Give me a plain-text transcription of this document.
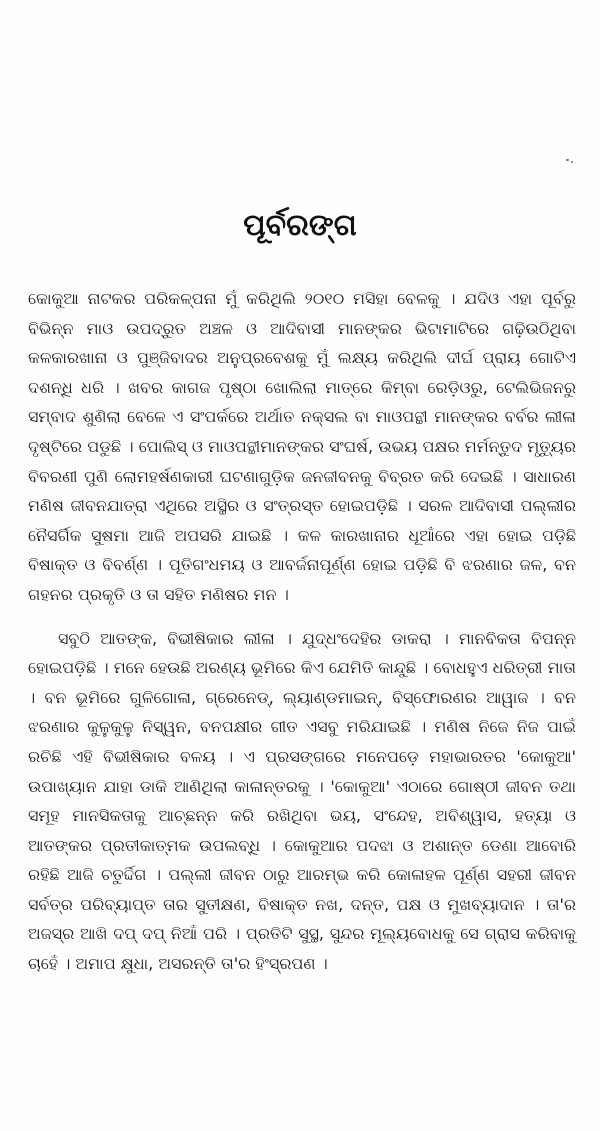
ପୂର୍ବରଙ୍ଗ

କୋକୁଆ ନାଟକର ପରିକଳ୍ପନା ମୁଁ କରିଥିଲି ୨୦୧୦ ମସିହା ବେଳକୁ । ଯଦିଓ ଏହା ପୂର୍ବରୁ ବିଭିନ୍ନ ମାଓ ଉପଦ୍ରୁତ ଅଞ୍ଚଳ ଓ ଆଦିବାସୀ ମାନଙ୍କର ଭିଟାମାଟିରେ ଗଢ଼ିଉଠିଥିବା କଳକାରଖାନା ଓ ପୁଞ୍ଜିବାଦର ଅନୁପ୍ରବେଶକୁ ମୁଁ ଲକ୍ଷ୍ୟ କରିଥିଲି ଦୀର୍ଘ ପ୍ରାୟ ଗୋଟିଏ ଦଶନ୍ଧି ଧରି । ଖବର କାଗଜ ପୃଷ୍ଠା ଖୋଲିଲା ମାତ୍ରେ କିମ୍ବା ରେଡ଼ିଓରୁ, ଟେଲିଭିଜନରୁ ସମ୍ବାଦ ଶୁଣିଲା ବେଳେ ଏ ସଂପର୍କରେ ଅର୍ଥାତ ନକ୍ସଲ ବା ମାଓପନ୍ଥୀ ମାନଙ୍କର ବର୍ବର ଲୀଳା ଦୃଷ୍ଟିରେ ପଡୁଛି । ପୋଲିସ୍ ଓ ମାଓପନ୍ଥୀମାନଙ୍କର ସଂଘର୍ଷ, ଉଭୟ ପକ୍ଷର ମର୍ମନ୍ତୁଦ ମୃତ୍ୟୁର ବିବରଣୀ ପୁଣି ଲୋମହର୍ଷଣକାରୀ ଘଟଣାଗୁଡ଼ିକ ଜନଜୀବନକୁ ବିବ୍ରତ କରି ଦେଇଛି । ସାଧାରଣ ମଣିଷ ଜୀବନଯାତ୍ରା ଏଥିରେ ଅସ୍ଥିର ଓ ସଂତ୍ରସ୍ତ ହୋଇପଡ଼ିଛି । ସରଳ ଆଦିବାସୀ ପଲ୍ଲୀର ନୈସର୍ଗିକ ସୁଷମା ଆଜି ଅପସରି ଯାଇଛି । କଳ କାରଖାନାର ଧୂଆଁରେ ଏହା ହୋଇ ପଡ଼ିଛି ବିଷାକ୍ତ ଓ ବିବର୍ଣ୍ଣ । ପୂତିଗଂଧମୟ ଓ ଆବର୍ଜନାପୂର୍ଣ୍ଣ ହୋଇ ପଡ଼ିଛି ବି ଝରଣାର ଜଳ, ବନ ଗହନର ପ୍ରକୃତି ଓ ତା ସହିତ ମଣିଷର ମନ ।

ସବୁଠି ଆତଙ୍କ, ବିଭୀଷିକାର ଲୀଳା । ଯୁଦ୍ଧଂଦେହିର ଡାକରା । ମାନବିକତା ବିପନ୍ନ ହୋଇପଡ଼ିଛି । ମନେ ହେଉଛି ଅରଣ୍ୟ ଭୂମିରେ କିଏ ଯେମିତି କାନ୍ଦୁଛି । ବୋଧହୁଏ ଧରିତ୍ରୀ ମାତା । ବନ ଭୂମିରେ ଗୁଳିଗୋଳା, ଗ୍ରେନେଡ୍, ଲ୍ୟାଣ୍ଡମାଇନ୍, ବିସ୍ଫୋରଣର ଆୱାଜ । ବନ ଝରଣାର କୁଳୁକୁଳୁ ନିସ୍ୱନ, ବନପକ୍ଷୀର ଗୀତ ଏସବୁ ମରିଯାଇଛି । ମଣିଷ ନିଜେ ନିଜ ପାଇଁ ରଚିଛି ଏହି ବିଭୀଷିକାର ବଳୟ । ଏ ପ୍ରସଙ୍ଗରେ ମନେପଡ଼େ ମହାଭାରତର 'କୋକୁଆ' ଉପାଖ୍ୟାନ ଯାହା ଡାକି ଆଣିଥିଲା କାଳାନ୍ତରକୁ । 'କୋକୁଆ' ଏଠାରେ ଗୋଷ୍ଠୀ ଜୀବନ ତଥା ସମୂହ ମାନସିକତାକୁ ଆଚ୍ଛନ୍ନ କରି ରଖିଥିବା ଭୟ, ସଂନ୍ଦେହ, ଅବିଶ୍ୱାସ, ହତ୍ୟା ଓ ଆତଙ୍କର ପ୍ରତୀକାତ୍ମକ ଉପଲବ୍ଧି । କୋକୁଆର ପଦଝା ଓ ଅଶାନ୍ତ ଡେଣା ଆବୋରି ରହିଛି ଆଜି ଚତୁର୍ଦ୍ଦିଗ । ପଲ୍ଲୀ ଜୀବନ ଠାରୁ ଆରମ୍ଭ କରି କୋଳାହଳ ପୂର୍ଣ୍ଣ ସହରୀ ଜୀବନ ସର୍ବତ୍ର ପରିବ୍ୟାପ୍ତ ତାର ସୁତୀକ୍ଷଣ, ବିଷାକ୍ତ ନଖ, ଦନ୍ତ, ପକ୍ଷ ଓ ମୁଖବ୍ୟାଦାନ । ତା'ର ଅଜସ୍ର ଆଖି ଦପ୍ ଦପ୍ ନିଆଁ ପରି । ପ୍ରତିଟି ସୁସ୍ଥ, ସୁନ୍ଦର ମୂଲ୍ୟବୋଧକୁ ସେ ଗ୍ରାସ କରିବାକୁ ଚାହେଁ । ଅମାପ କ୍ଷୁଧା, ଅସରନ୍ତି ତା'ର ହିଂସ୍ରପଣ ।
